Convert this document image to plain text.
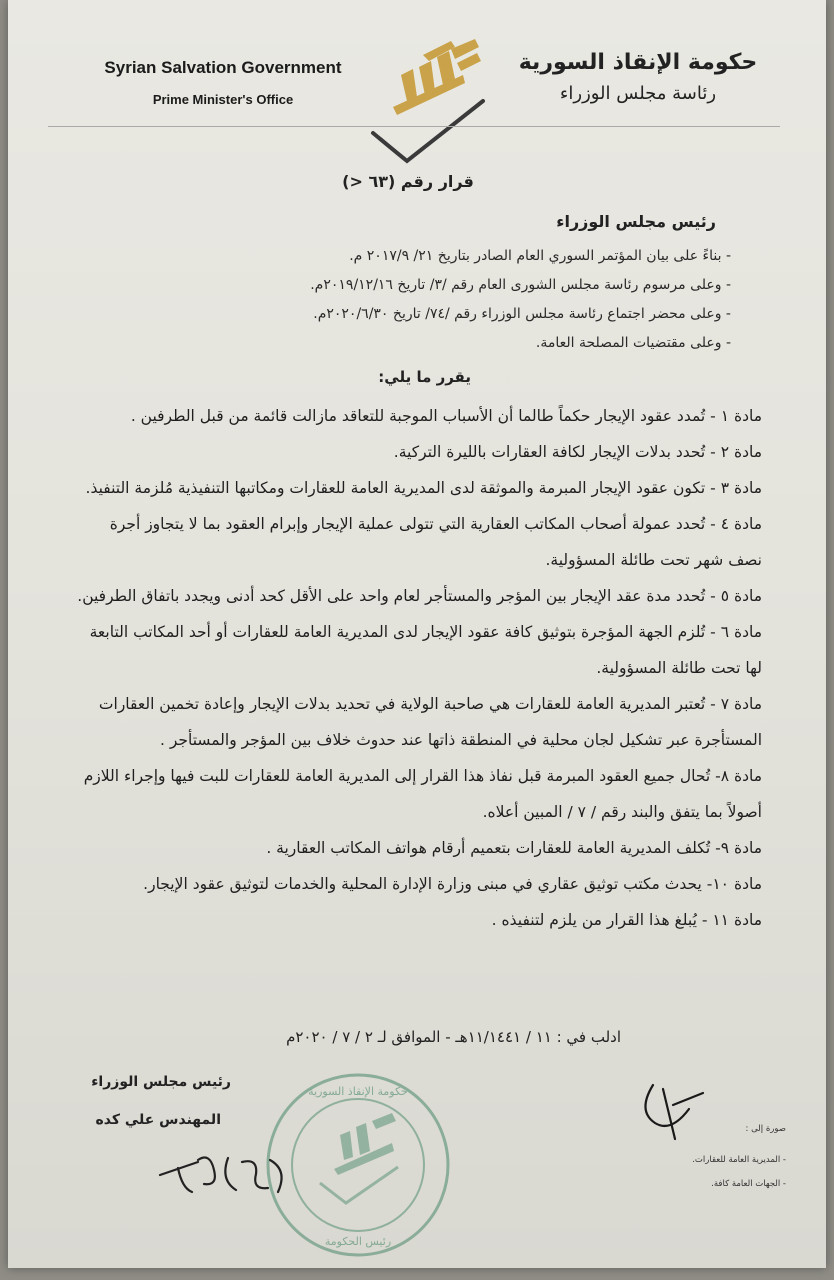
Syrian Salvation Government
Prime Minister's Office
حكومة الإنقاذ السورية
رئاسة مجلس الوزراء
قرار رقم (٦٣ <)
رئيس مجلس الوزراء
- بناءً على بيان المؤتمر السوري العام الصادر بتاريخ ٢١/ ٢٠١٧/٩ م.
- وعلى مرسوم رئاسة مجلس الشورى العام رقم /٣/ تاريخ ٢٠١٩/١٢/١٦م.
- وعلى محضر اجتماع رئاسة مجلس الوزراء رقم /٧٤/ تاريخ ٢٠٢٠/٦/٣٠م.
- وعلى مقتضيات المصلحة العامة.
يقرر ما يلي:
مادة ١ - تُمدد عقود الإيجار حكماً طالما أن الأسباب الموجبة للتعاقد مازالت قائمة من قبل الطرفين .
مادة ٢ - تُحدد بدلات الإيجار لكافة العقارات بالليرة التركية.
مادة ٣ - تكون عقود الإيجار المبرمة والموثقة لدى المديرية العامة للعقارات ومكاتبها التنفيذية مُلزمة التنفيذ.
مادة ٤ - تُحدد عمولة أصحاب المكاتب العقارية التي تتولى عملية الإيجار وإبرام العقود بما لا يتجاوز أجرة
نصف شهر تحت طائلة المسؤولية.
مادة ٥ - تُحدد مدة عقد الإيجار بين المؤجر والمستأجر لعام واحد على الأقل كحد أدنى ويجدد باتفاق الطرفين.
مادة ٦ - تُلزم الجهة المؤجرة بتوثيق كافة عقود الإيجار لدى المديرية العامة للعقارات أو أحد المكاتب التابعة
لها تحت طائلة المسؤولية.
مادة ٧ - تُعتبر المديرية العامة للعقارات هي صاحبة الولاية في تحديد بدلات الإيجار وإعادة تخمين العقارات
المستأجرة عبر تشكيل لجان محلية في المنطقة ذاتها عند حدوث خلاف بين المؤجر والمستأجر .
مادة ٨- تُحال جميع العقود المبرمة قبل نفاذ هذا القرار إلى المديرية العامة للعقارات للبت فيها وإجراء اللازم
أصولاً بما يتفق والبند رقم / ٧ / المبين أعلاه.
مادة ٩- تُكلف المديرية العامة للعقارات بتعميم أرقام هواتف المكاتب العقارية .
مادة ١٠- يحدث مكتب توثيق عقاري في مبنى وزارة الإدارة المحلية والخدمات لتوثيق عقود الإيجار.
مادة ١١ - يُبلغ هذا القرار من يلزم لتنفيذه .
ادلب في : ١١ / ١١/١٤٤١هـ - الموافق لـ ٢ / ٧ / ٢٠٢٠م
رئيس مجلس الوزراء
المهندس علي كده
حكومة الإنقاذ السورية
رئيس الحكومة
صورة إلى :
- المديرية العامة للعقارات.
- الجهات العامة كافة.
